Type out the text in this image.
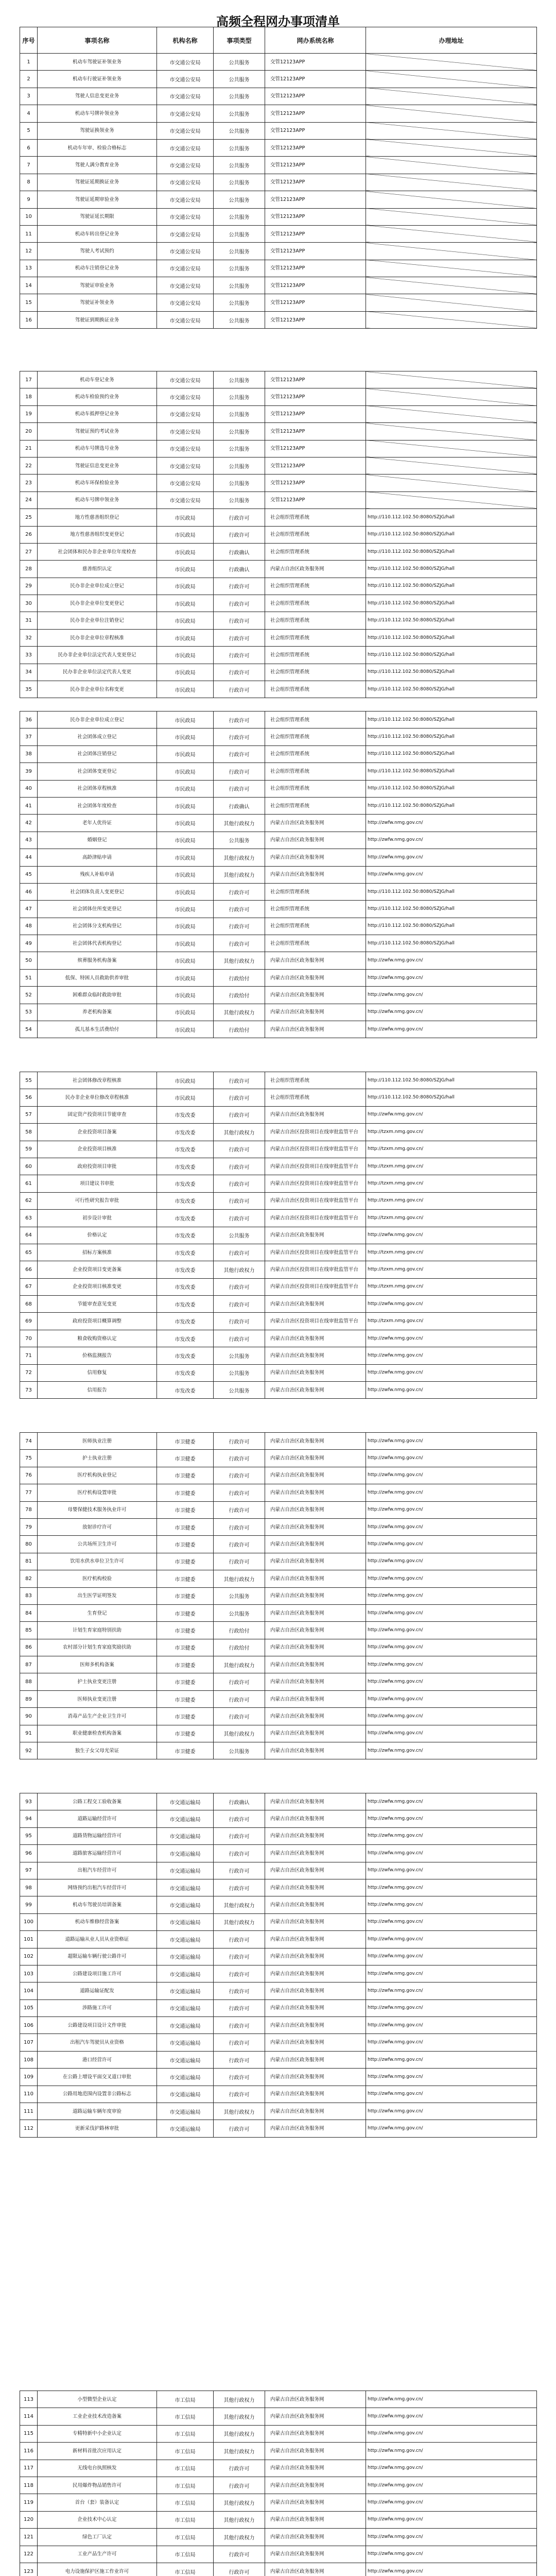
高频全程网办事项清单
序号	事项名称	机构名称	事项类型	网办系统名称	办理地址
1	机动车驾驶证补领业务	市交通公安局	公共服务	交管12123APP	
2	机动车行驶证补领业务	市交通公安局	公共服务	交管12123APP	
3	驾驶人信息变更业务	市交通公安局	公共服务	交管12123APP	
4	机动车号牌补领业务	市交通公安局	公共服务	交管12123APP	
5	驾驶证换领业务	市交通公安局	公共服务	交管12123APP	
6	机动车年审、检验合格标志	市交通公安局	公共服务	交管12123APP	
7	驾驶人满分教育业务	市交通公安局	公共服务	交管12123APP	
8	驾驶证延期换证业务	市交通公安局	公共服务	交管12123APP	
9	驾驶证延期审验业务	市交通公安局	公共服务	交管12123APP	
10	驾驶证延长期限	市交通公安局	公共服务	交管12123APP	
11	机动车转出登记业务	市交通公安局	公共服务	交管12123APP	
12	驾驶人考试预约	市交通公安局	公共服务	交管12123APP	
13	机动车注销登记业务	市交通公安局	公共服务	交管12123APP	
14	驾驶证审验业务	市交通公安局	公共服务	交管12123APP	
15	驾驶证补领业务	市交通公安局	公共服务	交管12123APP	
16	驾驶证到期换证业务	市交通公安局	公共服务	交管12123APP	
17	机动车登记业务	市交通公安局	公共服务	交管12123APP	
18	机动车检验预约业务	市交通公安局	公共服务	交管12123APP	
19	机动车抵押登记业务	市交通公安局	公共服务	交管12123APP	
20	驾驶证预约考试业务	市交通公安局	公共服务	交管12123APP	
21	机动车号牌选号业务	市交通公安局	公共服务	交管12123APP	
22	驾驶证信息变更业务	市交通公安局	公共服务	交管12123APP	
23	机动车环保检验业务	市交通公安局	公共服务	交管12123APP	
24	机动车号牌申领业务	市交通公安局	公共服务	交管12123APP	
25	地方性慈善组织登记	市民政局	行政许可	社会组织管理系统	http://110.112.102.50:8080/SZJG/hall
26	地方性慈善组织变更登记	市民政局	行政许可	社会组织管理系统	http://110.112.102.50:8080/SZJG/hall
27	社会团体和民办非企业单位年度检查	市民政局	行政确认	社会组织管理系统	http://110.112.102.50:8080/SZJG/hall
28	慈善组织认定	市民政局	行政确认	内蒙古自治区政务服务网	http://110.112.102.50:8080/SZJG/hall
29	民办非企业单位成立登记	市民政局	行政许可	社会组织管理系统	http://110.112.102.50:8080/SZJG/hall
30	民办非企业单位变更登记	市民政局	行政许可	社会组织管理系统	http://110.112.102.50:8080/SZJG/hall
31	民办非企业单位注销登记	市民政局	行政许可	社会组织管理系统	http://110.112.102.50:8080/SZJG/hall
32	民办非企业单位章程核准	市民政局	行政许可	社会组织管理系统	http://110.112.102.50:8080/SZJG/hall
33	民办非企业单位法定代表人变更登记	市民政局	行政许可	社会组织管理系统	http://110.112.102.50:8080/SZJG/hall
34	民办非企业单位法定代表人变更	市民政局	行政许可	社会组织管理系统	http://110.112.102.50:8080/SZJG/hall
35	民办非企业单位名称变更	市民政局	行政许可	社会组织管理系统	http://110.112.102.50:8080/SZJG/hall
36	民办非企业单位成立登记	市民政局	行政许可	社会组织管理系统	http://110.112.102.50:8080/SZJG/hall
37	社会团体成立登记	市民政局	行政许可	社会组织管理系统	http://110.112.102.50:8080/SZJG/hall
38	社会团体注销登记	市民政局	行政许可	社会组织管理系统	http://110.112.102.50:8080/SZJG/hall
39	社会团体变更登记	市民政局	行政许可	社会组织管理系统	http://110.112.102.50:8080/SZJG/hall
40	社会团体章程核准	市民政局	行政许可	社会组织管理系统	http://110.112.102.50:8080/SZJG/hall
41	社会团体年度检查	市民政局	行政确认	社会组织管理系统	http://110.112.102.50:8080/SZJG/hall
42	老年人优待证	市民政局	其他行政权力	内蒙古自治区政务服务网	http://zwfw.nmg.gov.cn/
43	婚姻登记	市民政局	公共服务	内蒙古自治区政务服务网	http://zwfw.nmg.gov.cn/
44	高龄津贴申请	市民政局	其他行政权力	内蒙古自治区政务服务网	http://zwfw.nmg.gov.cn/
45	残疾人补贴申请	市民政局	其他行政权力	内蒙古自治区政务服务网	http://zwfw.nmg.gov.cn/
46	社会团体负责人变更登记	市民政局	行政许可	社会组织管理系统	http://110.112.102.50:8080/SZJG/hall
47	社会团体住所变更登记	市民政局	行政许可	社会组织管理系统	http://110.112.102.50:8080/SZJG/hall
48	社会团体分支机构登记	市民政局	行政许可	社会组织管理系统	http://110.112.102.50:8080/SZJG/hall
49	社会团体代表机构登记	市民政局	行政许可	社会组织管理系统	http://110.112.102.50:8080/SZJG/hall
50	殡葬服务机构备案	市民政局	其他行政权力	内蒙古自治区政务服务网	http://zwfw.nmg.gov.cn/
51	低保、特困人员救助供养审批	市民政局	行政给付	内蒙古自治区政务服务网	http://zwfw.nmg.gov.cn/
52	困难群众临时救助审批	市民政局	行政给付	内蒙古自治区政务服务网	http://zwfw.nmg.gov.cn/
53	养老机构备案	市民政局	其他行政权力	内蒙古自治区政务服务网	http://zwfw.nmg.gov.cn/
54	孤儿基本生活费给付	市民政局	行政给付	内蒙古自治区政务服务网	http://zwfw.nmg.gov.cn/
55	社会团体修改章程核准	市民政局	行政许可	社会组织管理系统	http://110.112.102.50:8080/SZJG/hall
56	民办非企业单位修改章程核准	市民政局	行政许可	社会组织管理系统	http://110.112.102.50:8080/SZJG/hall
57	固定资产投资项目节能审查	市发改委	行政许可	内蒙古自治区政务服务网	http://zwfw.nmg.gov.cn/
58	企业投资项目备案	市发改委	其他行政权力	内蒙古自治区投资项目在线审批监管平台	http://tzxm.nmg.gov.cn/
59	企业投资项目核准	市发改委	行政许可	内蒙古自治区投资项目在线审批监管平台	http://tzxm.nmg.gov.cn/
60	政府投资项目审批	市发改委	行政许可	内蒙古自治区投资项目在线审批监管平台	http://tzxm.nmg.gov.cn/
61	项目建议书审批	市发改委	行政许可	内蒙古自治区投资项目在线审批监管平台	http://tzxm.nmg.gov.cn/
62	可行性研究报告审批	市发改委	行政许可	内蒙古自治区投资项目在线审批监管平台	http://tzxm.nmg.gov.cn/
63	初步设计审批	市发改委	行政许可	内蒙古自治区投资项目在线审批监管平台	http://tzxm.nmg.gov.cn/
64	价格认定	市发改委	公共服务	内蒙古自治区政务服务网	http://zwfw.nmg.gov.cn/
65	招标方案核准	市发改委	行政许可	内蒙古自治区投资项目在线审批监管平台	http://tzxm.nmg.gov.cn/
66	企业投资项目变更备案	市发改委	其他行政权力	内蒙古自治区投资项目在线审批监管平台	http://tzxm.nmg.gov.cn/
67	企业投资项目核准变更	市发改委	行政许可	内蒙古自治区投资项目在线审批监管平台	http://tzxm.nmg.gov.cn/
68	节能审查意见变更	市发改委	行政许可	内蒙古自治区政务服务网	http://zwfw.nmg.gov.cn/
69	政府投资项目概算调整	市发改委	行政许可	内蒙古自治区投资项目在线审批监管平台	http://tzxm.nmg.gov.cn/
70	粮食收购资格认定	市发改委	行政许可	内蒙古自治区政务服务网	http://zwfw.nmg.gov.cn/
71	价格监测报告	市发改委	公共服务	内蒙古自治区政务服务网	http://zwfw.nmg.gov.cn/
72	信用修复	市发改委	公共服务	内蒙古自治区政务服务网	http://zwfw.nmg.gov.cn/
73	信用报告	市发改委	公共服务	内蒙古自治区政务服务网	http://zwfw.nmg.gov.cn/
74	医师执业注册	市卫健委	行政许可	内蒙古自治区政务服务网	http://zwfw.nmg.gov.cn/
75	护士执业注册	市卫健委	行政许可	内蒙古自治区政务服务网	http://zwfw.nmg.gov.cn/
76	医疗机构执业登记	市卫健委	行政许可	内蒙古自治区政务服务网	http://zwfw.nmg.gov.cn/
77	医疗机构设置审批	市卫健委	行政许可	内蒙古自治区政务服务网	http://zwfw.nmg.gov.cn/
78	母婴保健技术服务执业许可	市卫健委	行政许可	内蒙古自治区政务服务网	http://zwfw.nmg.gov.cn/
79	放射诊疗许可	市卫健委	行政许可	内蒙古自治区政务服务网	http://zwfw.nmg.gov.cn/
80	公共场所卫生许可	市卫健委	行政许可	内蒙古自治区政务服务网	http://zwfw.nmg.gov.cn/
81	饮用水供水单位卫生许可	市卫健委	行政许可	内蒙古自治区政务服务网	http://zwfw.nmg.gov.cn/
82	医疗机构校验	市卫健委	其他行政权力	内蒙古自治区政务服务网	http://zwfw.nmg.gov.cn/
83	出生医学证明签发	市卫健委	公共服务	内蒙古自治区政务服务网	http://zwfw.nmg.gov.cn/
84	生育登记	市卫健委	公共服务	内蒙古自治区政务服务网	http://zwfw.nmg.gov.cn/
85	计划生育家庭特别扶助	市卫健委	行政给付	内蒙古自治区政务服务网	http://zwfw.nmg.gov.cn/
86	农村部分计划生育家庭奖励扶助	市卫健委	行政给付	内蒙古自治区政务服务网	http://zwfw.nmg.gov.cn/
87	医师多机构备案	市卫健委	其他行政权力	内蒙古自治区政务服务网	http://zwfw.nmg.gov.cn/
88	护士执业变更注册	市卫健委	行政许可	内蒙古自治区政务服务网	http://zwfw.nmg.gov.cn/
89	医师执业变更注册	市卫健委	行政许可	内蒙古自治区政务服务网	http://zwfw.nmg.gov.cn/
90	消毒产品生产企业卫生许可	市卫健委	行政许可	内蒙古自治区政务服务网	http://zwfw.nmg.gov.cn/
91	职业健康检查机构备案	市卫健委	其他行政权力	内蒙古自治区政务服务网	http://zwfw.nmg.gov.cn/
92	独生子女父母光荣证	市卫健委	公共服务	内蒙古自治区政务服务网	http://zwfw.nmg.gov.cn/
93	公路工程交工验收备案	市交通运输局	行政确认	内蒙古自治区政务服务网	http://zwfw.nmg.gov.cn/
94	道路运输经营许可	市交通运输局	行政许可	内蒙古自治区政务服务网	http://zwfw.nmg.gov.cn/
95	道路货物运输经营许可	市交通运输局	行政许可	内蒙古自治区政务服务网	http://zwfw.nmg.gov.cn/
96	道路旅客运输经营许可	市交通运输局	行政许可	内蒙古自治区政务服务网	http://zwfw.nmg.gov.cn/
97	出租汽车经营许可	市交通运输局	行政许可	内蒙古自治区政务服务网	http://zwfw.nmg.gov.cn/
98	网络预约出租汽车经营许可	市交通运输局	行政许可	内蒙古自治区政务服务网	http://zwfw.nmg.gov.cn/
99	机动车驾驶员培训备案	市交通运输局	其他行政权力	内蒙古自治区政务服务网	http://zwfw.nmg.gov.cn/
100	机动车维修经营备案	市交通运输局	其他行政权力	内蒙古自治区政务服务网	http://zwfw.nmg.gov.cn/
101	道路运输从业人员从业资格证	市交通运输局	行政许可	内蒙古自治区政务服务网	http://zwfw.nmg.gov.cn/
102	超限运输车辆行驶公路许可	市交通运输局	行政许可	内蒙古自治区政务服务网	http://zwfw.nmg.gov.cn/
103	公路建设项目施工许可	市交通运输局	行政许可	内蒙古自治区政务服务网	http://zwfw.nmg.gov.cn/
104	道路运输证配发	市交通运输局	行政许可	内蒙古自治区政务服务网	http://zwfw.nmg.gov.cn/
105	涉路施工许可	市交通运输局	行政许可	内蒙古自治区政务服务网	http://zwfw.nmg.gov.cn/
106	公路建设项目设计文件审批	市交通运输局	行政许可	内蒙古自治区政务服务网	http://zwfw.nmg.gov.cn/
107	出租汽车驾驶员从业资格	市交通运输局	行政许可	内蒙古自治区政务服务网	http://zwfw.nmg.gov.cn/
108	港口经营许可	市交通运输局	行政许可	内蒙古自治区政务服务网	http://zwfw.nmg.gov.cn/
109	在公路上增设平面交叉道口审批	市交通运输局	行政许可	内蒙古自治区政务服务网	http://zwfw.nmg.gov.cn/
110	公路用地范围内设置非公路标志	市交通运输局	行政许可	内蒙古自治区政务服务网	http://zwfw.nmg.gov.cn/
111	道路运输车辆年度审验	市交通运输局	其他行政权力	内蒙古自治区政务服务网	http://zwfw.nmg.gov.cn/
112	更新采伐护路林审批	市交通运输局	行政许可	内蒙古自治区政务服务网	http://zwfw.nmg.gov.cn/
113	小型微型企业认定	市工信局	其他行政权力	内蒙古自治区政务服务网	http://zwfw.nmg.gov.cn/
114	工业企业技术改造备案	市工信局	其他行政权力	内蒙古自治区政务服务网	http://zwfw.nmg.gov.cn/
115	专精特新中小企业认定	市工信局	其他行政权力	内蒙古自治区政务服务网	http://zwfw.nmg.gov.cn/
116	新材料首批次应用认定	市工信局	其他行政权力	内蒙古自治区政务服务网	http://zwfw.nmg.gov.cn/
117	无线电台执照核发	市工信局	行政许可	内蒙古自治区政务服务网	http://zwfw.nmg.gov.cn/
118	民用爆炸物品销售许可	市工信局	行政许可	内蒙古自治区政务服务网	http://zwfw.nmg.gov.cn/
119	首台（套）装备认定	市工信局	其他行政权力	内蒙古自治区政务服务网	http://zwfw.nmg.gov.cn/
120	企业技术中心认定	市工信局	其他行政权力	内蒙古自治区政务服务网	http://zwfw.nmg.gov.cn/
121	绿色工厂认定	市工信局	其他行政权力	内蒙古自治区政务服务网	http://zwfw.nmg.gov.cn/
122	工业产品生产许可	市工信局	行政许可	内蒙古自治区政务服务网	http://zwfw.nmg.gov.cn/
123	电力设施保护区施工作业许可	市工信局	行政许可	内蒙古自治区政务服务网	http://zwfw.nmg.gov.cn/
